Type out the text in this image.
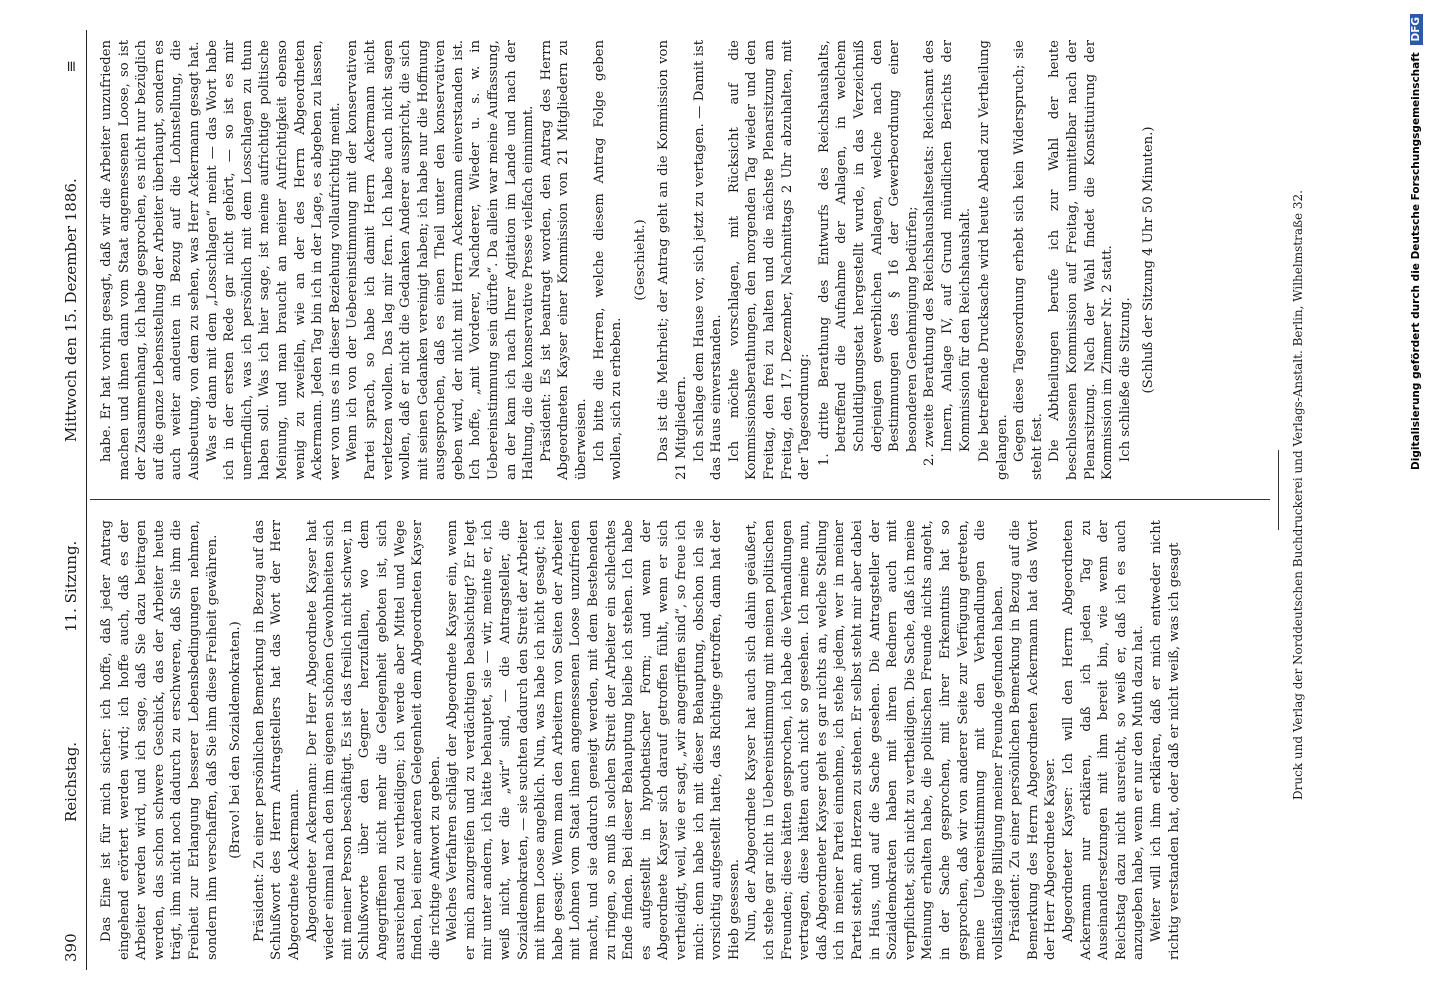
390
Reichstag.
11. Sitzung.
Mittwoch den 15. Dezember 1886.
≡

Das Eine ist für mich sicher: ich hoffe, daß jeder Antrag eingehend erörtert werden wird; ich hoffe auch, daß es der Arbeiter werden wird, und ich sage, daß Sie dazu beitragen werden, das schon schwere Geschick, das der Arbeiter heute trägt, ihm nicht noch dadurch zu erschweren, daß Sie ihm die Freiheit zur Erlangung besserer Lebensbedingungen nehmen, sondern ihm verschaffen, daß Sie ihm diese Freiheit gewähren. (Bravo! bei den Sozialdemokraten.) Präsident: Zu einer persönlichen Bemerkung in Bezug auf das Schlußwort des Herrn Antragstellers hat das Wort der Herr Abgeordnete Ackermann. Abgeordneter Ackermann: Der Herr Abgeordnete Kayser hat wieder einmal nach den ihm eigenen schönen Gewohnheiten sich mit meiner Person beschäftigt. Es ist das freilich nicht schwer, in Schlußworte über den Gegner herzufallen, wo dem Angegriffenen nicht mehr die Gelegenheit geboten ist, sich ausreichend zu vertheidigen; ich werde aber Mittel und Wege finden, bei einer anderen Gelegenheit dem Abgeordneten Kayser die richtige Antwort zu geben. Welches Verfahren schlägt der Abgeordnete Kayser ein, wenn er mich anzugreifen und zu verdächtigen beabsichtigt? Er legt mir unter andern, ich hätte behauptet, sie — wir, meinte er, ich weiß nicht, wer die „wir“ sind, — die Antragsteller, die Sozialdemokraten, — sie suchten dadurch den Streit der Arbeiter mit ihrem Loose angeblich. Nun, was habe ich nicht gesagt; ich habe gesagt: Wenn man den Arbeitern von Seiten der Arbeiter mit Lohnen vom Staat ihnen angemessenen Loose unzufrieden macht, und sie dadurch geneigt werden, mit dem Bestehenden zu ringen, so muß in solchen Streit der Arbeiter ein schlechtes Ende finden. Bei dieser Behauptung bleibe ich stehen. Ich habe es aufgestellt in hypothetischer Form; und wenn der Abgeordnete Kayser sich darauf getroffen fühlt, wenn er sich vertheidigt, weil, wie er sagt, „wir angegriffen sind“, so freue ich mich: denn habe ich mit dieser Behauptung, obschon ich sie vorsichtig aufgestellt hatte, das Richtige getroffen, dann hat der Hieb gesessen. Nun, der Abgeordnete Kayser hat auch sich dahin geäußert, ich stehe gar nicht in Uebereinstimmung mit meinen politischen Freunden; diese hätten gesprochen, ich habe die Verhandlungen vertragen, diese hätten auch nicht so gesehen. Ich meine nun, daß Abgeordneter Kayser geht es gar nichts an, welche Stellung ich in meiner Partei einnehme, ich stehe jedem, wer in meiner Partei steht, am Herzen zu stehen. Er selbst steht mir aber dabei in Haus, und auf die Sache gesehen. Die Antragsteller der Sozialdemokraten haben mit ihren Rednern auch mit verpflichtet, sich nicht zu vertheidigen. Die Sache, daß ich meine Meinung erhalten habe, die politischen Freunde nichts angeht, in der Sache gesprochen, mit ihrer Erkenntnis hat so gesprochen, daß wir von anderer Seite zur Verfügung getreten, meine Uebereinstimmung mit den Verhandlungen die vollständige Billigung meiner Freunde gefunden haben. Präsident: Zu einer persönlichen Bemerkung in Bezug auf die Bemerkung des Herrn Abgeordneten Ackermann hat das Wort der Herr Abgeordnete Kayser. Abgeordneter Kayser: Ich will den Herrn Abgeordneten Ackermann nur erklären, daß ich jeden Tag zu Auseinandersetzungen mit ihm bereit bin, wie wenn der Reichstag dazu nicht ausreicht, so weiß er, daß ich es auch anzugeben habe, wenn er nur den Muth dazu hat. Weiter will ich ihm erklären, daß er mich entweder nicht richtig verstanden hat, oder daß er nicht weiß, was ich gesagt

habe. Er hat vorhin gesagt, daß wir die Arbeiter unzufrieden machen und ihnen dann vom Staat angemessenen Loose, so ist der Zusammenhang, ich habe gesprochen, es nicht nur bezüglich auf die ganze Lebensstellung der Arbeiter überhaupt, sondern es auch weiter andeuten in Bezug auf die Lohnstellung, die Ausbeutung, von dem zu sehen, was Herr Ackermann gesagt hat. Was er dann mit dem „Losschlagen“ meint — das Wort habe ich in der ersten Rede gar nicht gehört, — so ist es mir unerfindlich, was ich persönlich mit dem Losschlagen zu thun haben soll. Was ich hier sage, ist meine aufrichtige politische Meinung, und man braucht an meiner Aufrichtigkeit ebenso wenig zu zweifeln, wie an der des Herrn Abgeordneten Ackermann. Jeden Tag bin ich in der Lage, es abgeben zu lassen, wer von uns es in dieser Beziehung vollaufrichtig meint. Wenn ich von der Uebereinstimmung mit der konservativen Partei sprach, so habe ich damit Herrn Ackermann nicht verletzen wollen. Das lag mir fern. Ich habe auch nicht sagen wollen, daß er nicht die Gedanken Anderer ausspricht, die sich mit seinen Gedanken vereinigt haben; ich habe nur die Hoffnung ausgesprochen, daß es einen Theil unter den konservativen geben wird, der nicht mit Herrn Ackermann einverstanden ist. Ich hoffe, „mit Vorderer, Nachderer, Wieder u. s. w. in Uebereinstimmung sein dürfte“. Da allein war meine Auffassung, an der kam ich nach Ihrer Agitation im Lande und nach der Haltung, die die konservative Presse vielfach einnimmt. Präsident: Es ist beantragt worden, den Antrag des Herrn Abgeordneten Kayser einer Kommission von 21 Mitgliedern zu überweisen. Ich bitte die Herren, welche diesem Antrag Folge geben wollen, sich zu erheben.

(Geschieht.) Das ist die Mehrheit; der Antrag geht an die Kommission von 21 Mitgliedern. Ich schlage dem Hause vor, sich jetzt zu vertagen. — Damit ist das Haus einverstanden. Ich möchte vorschlagen, mit Rücksicht auf die Kommissionsberathungen, den morgenden Tag wieder und den Freitag, den frei zu halten und die nächste Plenarsitzung am Freitag, den 17. Dezember, Nachmittags 2 Uhr abzuhalten, mit der Tagesordnung: 1. dritte Berathung des Entwurfs des Reichshaushalts, betreffend die Aufnahme der Anlagen, in welchem Schuldtilgungsetat hergestellt wurde, in das Verzeichniß derjenigen gewerblichen Anlagen, welche nach den Bestimmungen des § 16 der Gewerbeordnung einer besonderen Genehmigung bedürfen; 2. zweite Berathung des Reichshaushaltsetats: Reichsamt des Innern, Anlage IV, auf Grund mündlichen Berichts der Kommission für den Reichshaushalt. Die betreffende Drucksache wird heute Abend zur Vertheilung gelangen. Gegen diese Tagesordnung erhebt sich kein Widerspruch; sie steht fest. Die Abtheilungen berufe ich zur Wahl der heute beschlossenen Kommission auf Freitag, unmittelbar nach der Plenarsitzung. Nach der Wahl findet die Konstituirung der Kommission im Zimmer Nr. 2 statt. Ich schließe die Sitzung. (Schluß der Sitzung 4 Uhr 50 Minuten.)	Druck und Verlag der Norddeutschen Buchdruckerei und Verlags-Anstalt. Berlin, Wilhelmstraße 32.	Digitalisierung gefördert durch die Deutsche Forschungsgemeinschaft DFG
